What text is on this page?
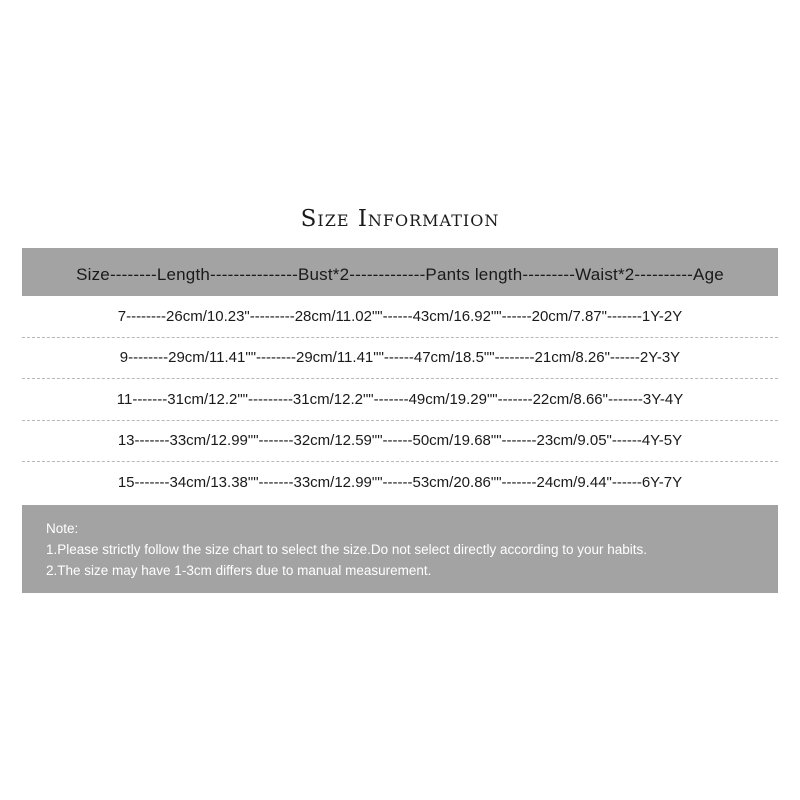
Size Information
Size--------Length---------------Bust*2-------------Pants length---------Waist*2----------Age
7--------26cm/10.23"---------28cm/11.02""------43cm/16.92""------20cm/7.87"-------1Y-2Y
9--------29cm/11.41""--------29cm/11.41""------47cm/18.5""--------21cm/8.26"------2Y-3Y
11-------31cm/12.2""---------31cm/12.2""-------49cm/19.29""-------22cm/8.66"-------3Y-4Y
13-------33cm/12.99""-------32cm/12.59""------50cm/19.68""-------23cm/9.05"------4Y-5Y
15-------34cm/13.38""-------33cm/12.99""------53cm/20.86""-------24cm/9.44"------6Y-7Y
Note:
1.Please strictly follow the size chart to select the size.Do not select directly according to your habits.
2.The size may have 1-3cm differs due to manual measurement.
